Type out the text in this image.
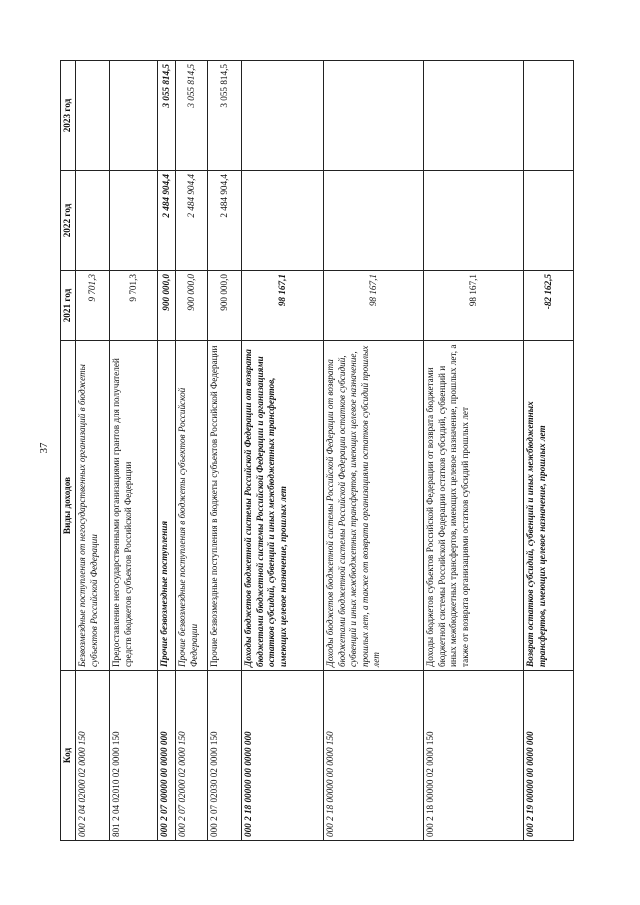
37
Код	Виды доходов	2021 год	2022 год	2023 год
000 2 04 02000 02 0000 150	Безвозмездные поступления от негосударственных организаций в бюджеты субъектов Российской Федерации	9 701,3		
801 2 04 02010 02 0000 150	Предоставление негосударственными организациями грантов для получателей средств бюджетов субъектов Российской Федерации	9 701,3		
000 2 07 00000 00 0000 000	Прочие безвозмездные поступления	900 000,0	2 484 904,4	3 055 814,5
000 2 07 02000 02 0000 150	Прочие безвозмездные поступления в бюджеты субъектов Российской Федерации	900 000,0	2 484 904,4	3 055 814,5
000 2 07 02030 02 0000 150	Прочие безвозмездные поступления в бюджеты субъектов Российской Федерации	900 000,0	2 484 904,4	3 055 814,5
000 2 18 00000 00 0000 000	Доходы бюджетов бюджетной системы Российской Федерации от возврата бюджетами бюджетной системы Российской Федерации и организациями остатков субсидий, субвенций и иных межбюджетных трансфертов, имеющих целевое назначение, прошлых лет	98 167,1		
000 2 18 00000 00 0000 150	Доходы бюджетов бюджетной системы Российской Федерации от возврата бюджетами бюджетной системы Российской Федерации остатков субсидий, субвенций и иных межбюджетных трансфертов, имеющих целевое назначение, прошлых лет, а также от возврата организациями остатков субсидий прошлых лет	98 167,1		
000 2 18 00000 02 0000 150	Доходы бюджетов субъектов Российской Федерации от возврата бюджетами бюджетной системы Российской Федерации остатков субсидий, субвенций и иных межбюджетных трансфертов, имеющих целевое назначение, прошлых лет, а также от возврата организациями остатков субсидий прошлых лет	98 167,1		
000 2 19 00000 00 0000 000	Возврат остатков субсидий, субвенций и иных межбюджетных трансфертов, имеющих целевое назначение, прошлых лет	-82 162,5		
